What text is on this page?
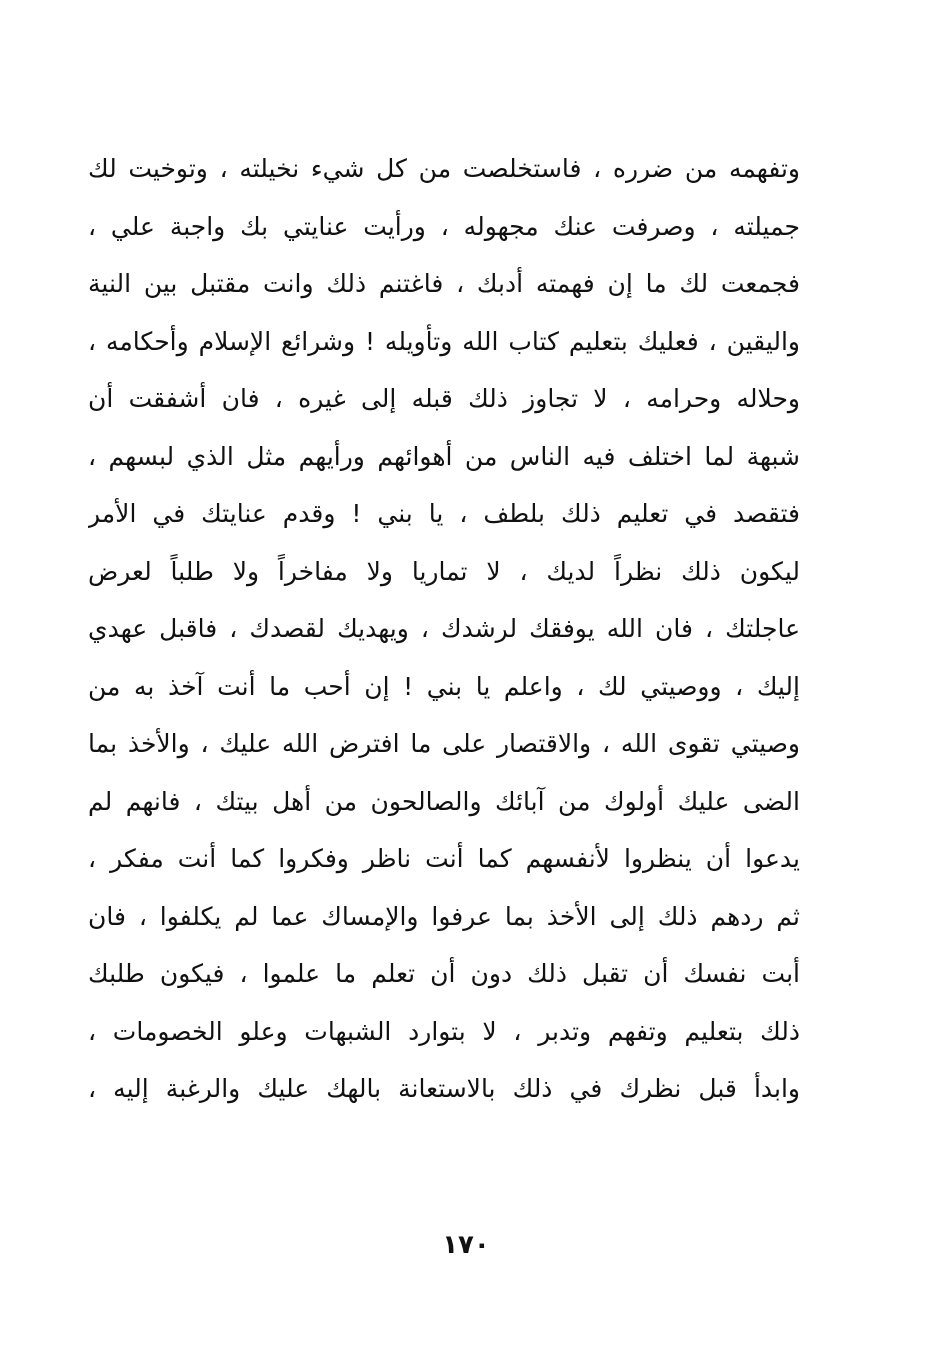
وتفهمه من ضرره ، فاستخلصت من كل شيء نخيلته ، وتوخيت لك
جميلته ، وصرفت عنك مجهوله ، ورأيت عنايتي بك واجبة علي ،
فجمعت لك ما إن فهمته أدبك ، فاغتنم ذلك وانت مقتبل بين النية
واليقين ، فعليك بتعليم كتاب الله وتأويله ! وشرائع الإسلام وأحكامه ،
وحلاله وحرامه ، لا تجاوز ذلك قبله إلى غيره ، فان أشفقت أن
شبهة لما اختلف فيه الناس من أهوائهم ورأيهم مثل الذي لبسهم ،
فتقصد في تعليم ذلك بلطف ، يا بني ! وقدم عنايتك في الأمر
ليكون ذلك نظراً لديك ، لا تماريا ولا مفاخراً ولا طلباً لعرض
عاجلتك ، فان الله يوفقك لرشدك ، ويهديك لقصدك ، فاقبل عهدي
إليك ، ووصيتي لك ، واعلم يا بني ! إن أحب ما أنت آخذ به من
وصيتي تقوى الله ، والاقتصار على ما افترض الله عليك ، والأخذ بما
الضى عليك أولوك من آبائك والصالحون من أهل بيتك ، فانهم لم
يدعوا أن ينظروا لأنفسهم كما أنت ناظر وفكروا كما أنت مفكر ،
ثم ردهم ذلك إلى الأخذ بما عرفوا والإمساك عما لم يكلفوا ، فان
أبت نفسك أن تقبل ذلك دون أن تعلم ما علموا ، فيكون طلبك
ذلك بتعليم وتفهم وتدبر ، لا بتوارد الشبهات وعلو الخصومات ،
وابدأ قبل نظرك في ذلك بالاستعانة بالهك عليك والرغبة إليه ،
١٧٠
